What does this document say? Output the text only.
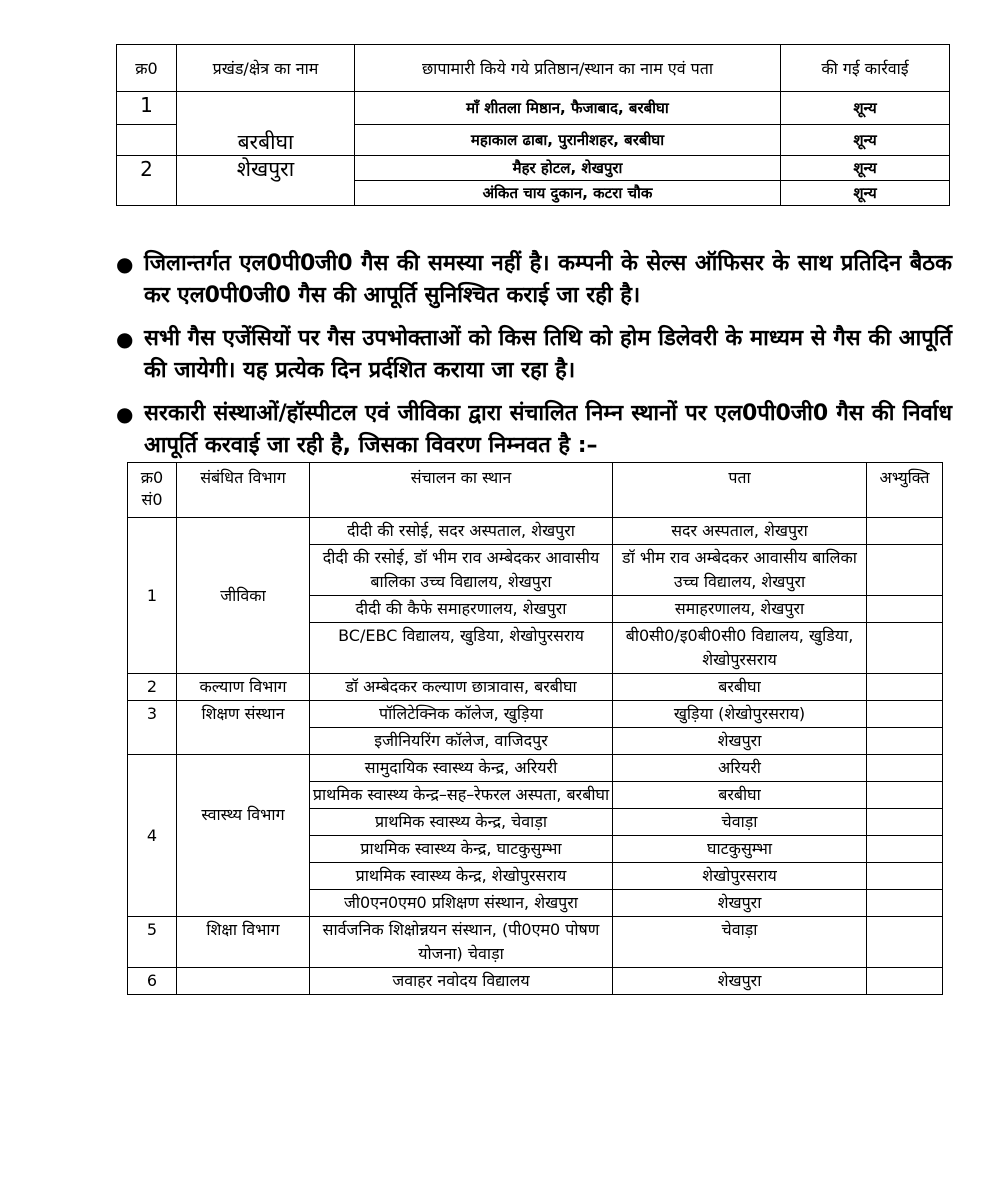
क्र0	प्रखंड/क्षेत्र का नाम	छापामारी किये गये प्रतिष्ठान/स्थान का नाम एवं पता	की गई कार्रवाई
1	बरबीघा	माँ शीतला मिष्ठान, फैजाबाद, बरबीघा	शून्य
		महाकाल ढाबा, पुरानीशहर, बरबीघा	शून्य
2	शेखपुरा	मैहर होटल, शेखपुरा	शून्य
		अंकित चाय दुकान, कटरा चौक	शून्य
● जिलान्तर्गत एल0पी0जी0 गैस की समस्या नहीं है। कम्पनी के सेल्स ऑफिसर के साथ प्रतिदिन बैठक कर एल0पी0जी0 गैस की आपूर्ति सुनिश्चित कराई जा रही है।
● सभी गैस एजेंसियों पर गैस उपभोक्ताओं को किस तिथि को होम डिलेवरी के माध्यम से गैस की आपूर्ति की जायेगी। यह प्रत्येक दिन प्रर्दशित कराया जा रहा है।
● सरकारी संस्थाओं/हॉस्पीटल एवं जीविका द्वारा संचालित निम्न स्थानों पर एल0पी0जी0 गैस की निर्वाध आपूर्ति करवाई जा रही है, जिसका विवरण निम्नवत है :–
क्र0 सं0	संबंधित विभाग	संचालन का स्थान	पता	अभ्युक्ति
1	जीविका	दीदी की रसोई, सदर अस्पताल, शेखपुरा	सदर अस्पताल, शेखपुरा	
		दीदी की रसोई, डॉ भीम राव अम्बेदकर आवासीय बालिका उच्च विद्यालय, शेखपुरा	डॉ भीम राव अम्बेदकर आवासीय बालिका उच्च विद्यालय, शेखपुरा	
		दीदी की कैफे समाहरणालय, शेखपुरा	समाहरणालय, शेखपुरा	
		BC/EBC विद्यालय, खुडिया, शेखोपुरसराय	बी0सी0/इ0बी0सी0 विद्यालय, खुडिया, शेखोपुरसराय	
2	कल्याण विभाग	डॉ अम्बेदकर कल्याण छात्रावास, बरबीघा	बरबीघा	
3	शिक्षण संस्थान	पॉलिटेक्निक कॉलेज, खुड़िया	खुड़िया (शेखोपुरसराय)	
		इजीनियरिंग कॉलेज, वाजिदपुर	शेखपुरा	
4	स्वास्थ्य विभाग	सामुदायिक स्वास्थ्य केन्द्र, अरियरी	अरियरी	
		प्राथमिक स्वास्थ्य केन्द्र–सह–रेफरल अस्पता, बरबीघा	बरबीघा	
		प्राथमिक स्वास्थ्य केन्द्र, चेवाड़ा	चेवाड़ा	
		प्राथमिक स्वास्थ्य केन्द्र, घाटकुसुम्भा	घाटकुसुम्भा	
		प्राथमिक स्वास्थ्य केन्द्र, शेखोपुरसराय	शेखोपुरसराय	
		जी0एन0एम0 प्रशिक्षण संस्थान, शेखपुरा	शेखपुरा	
5	शिक्षा विभाग	सार्वजनिक शिक्षोन्नयन संस्थान, (पी0एम0 पोषण योजना) चेवाड़ा	चेवाड़ा	
6		जवाहर नवोदय विद्यालय	शेखपुरा	
